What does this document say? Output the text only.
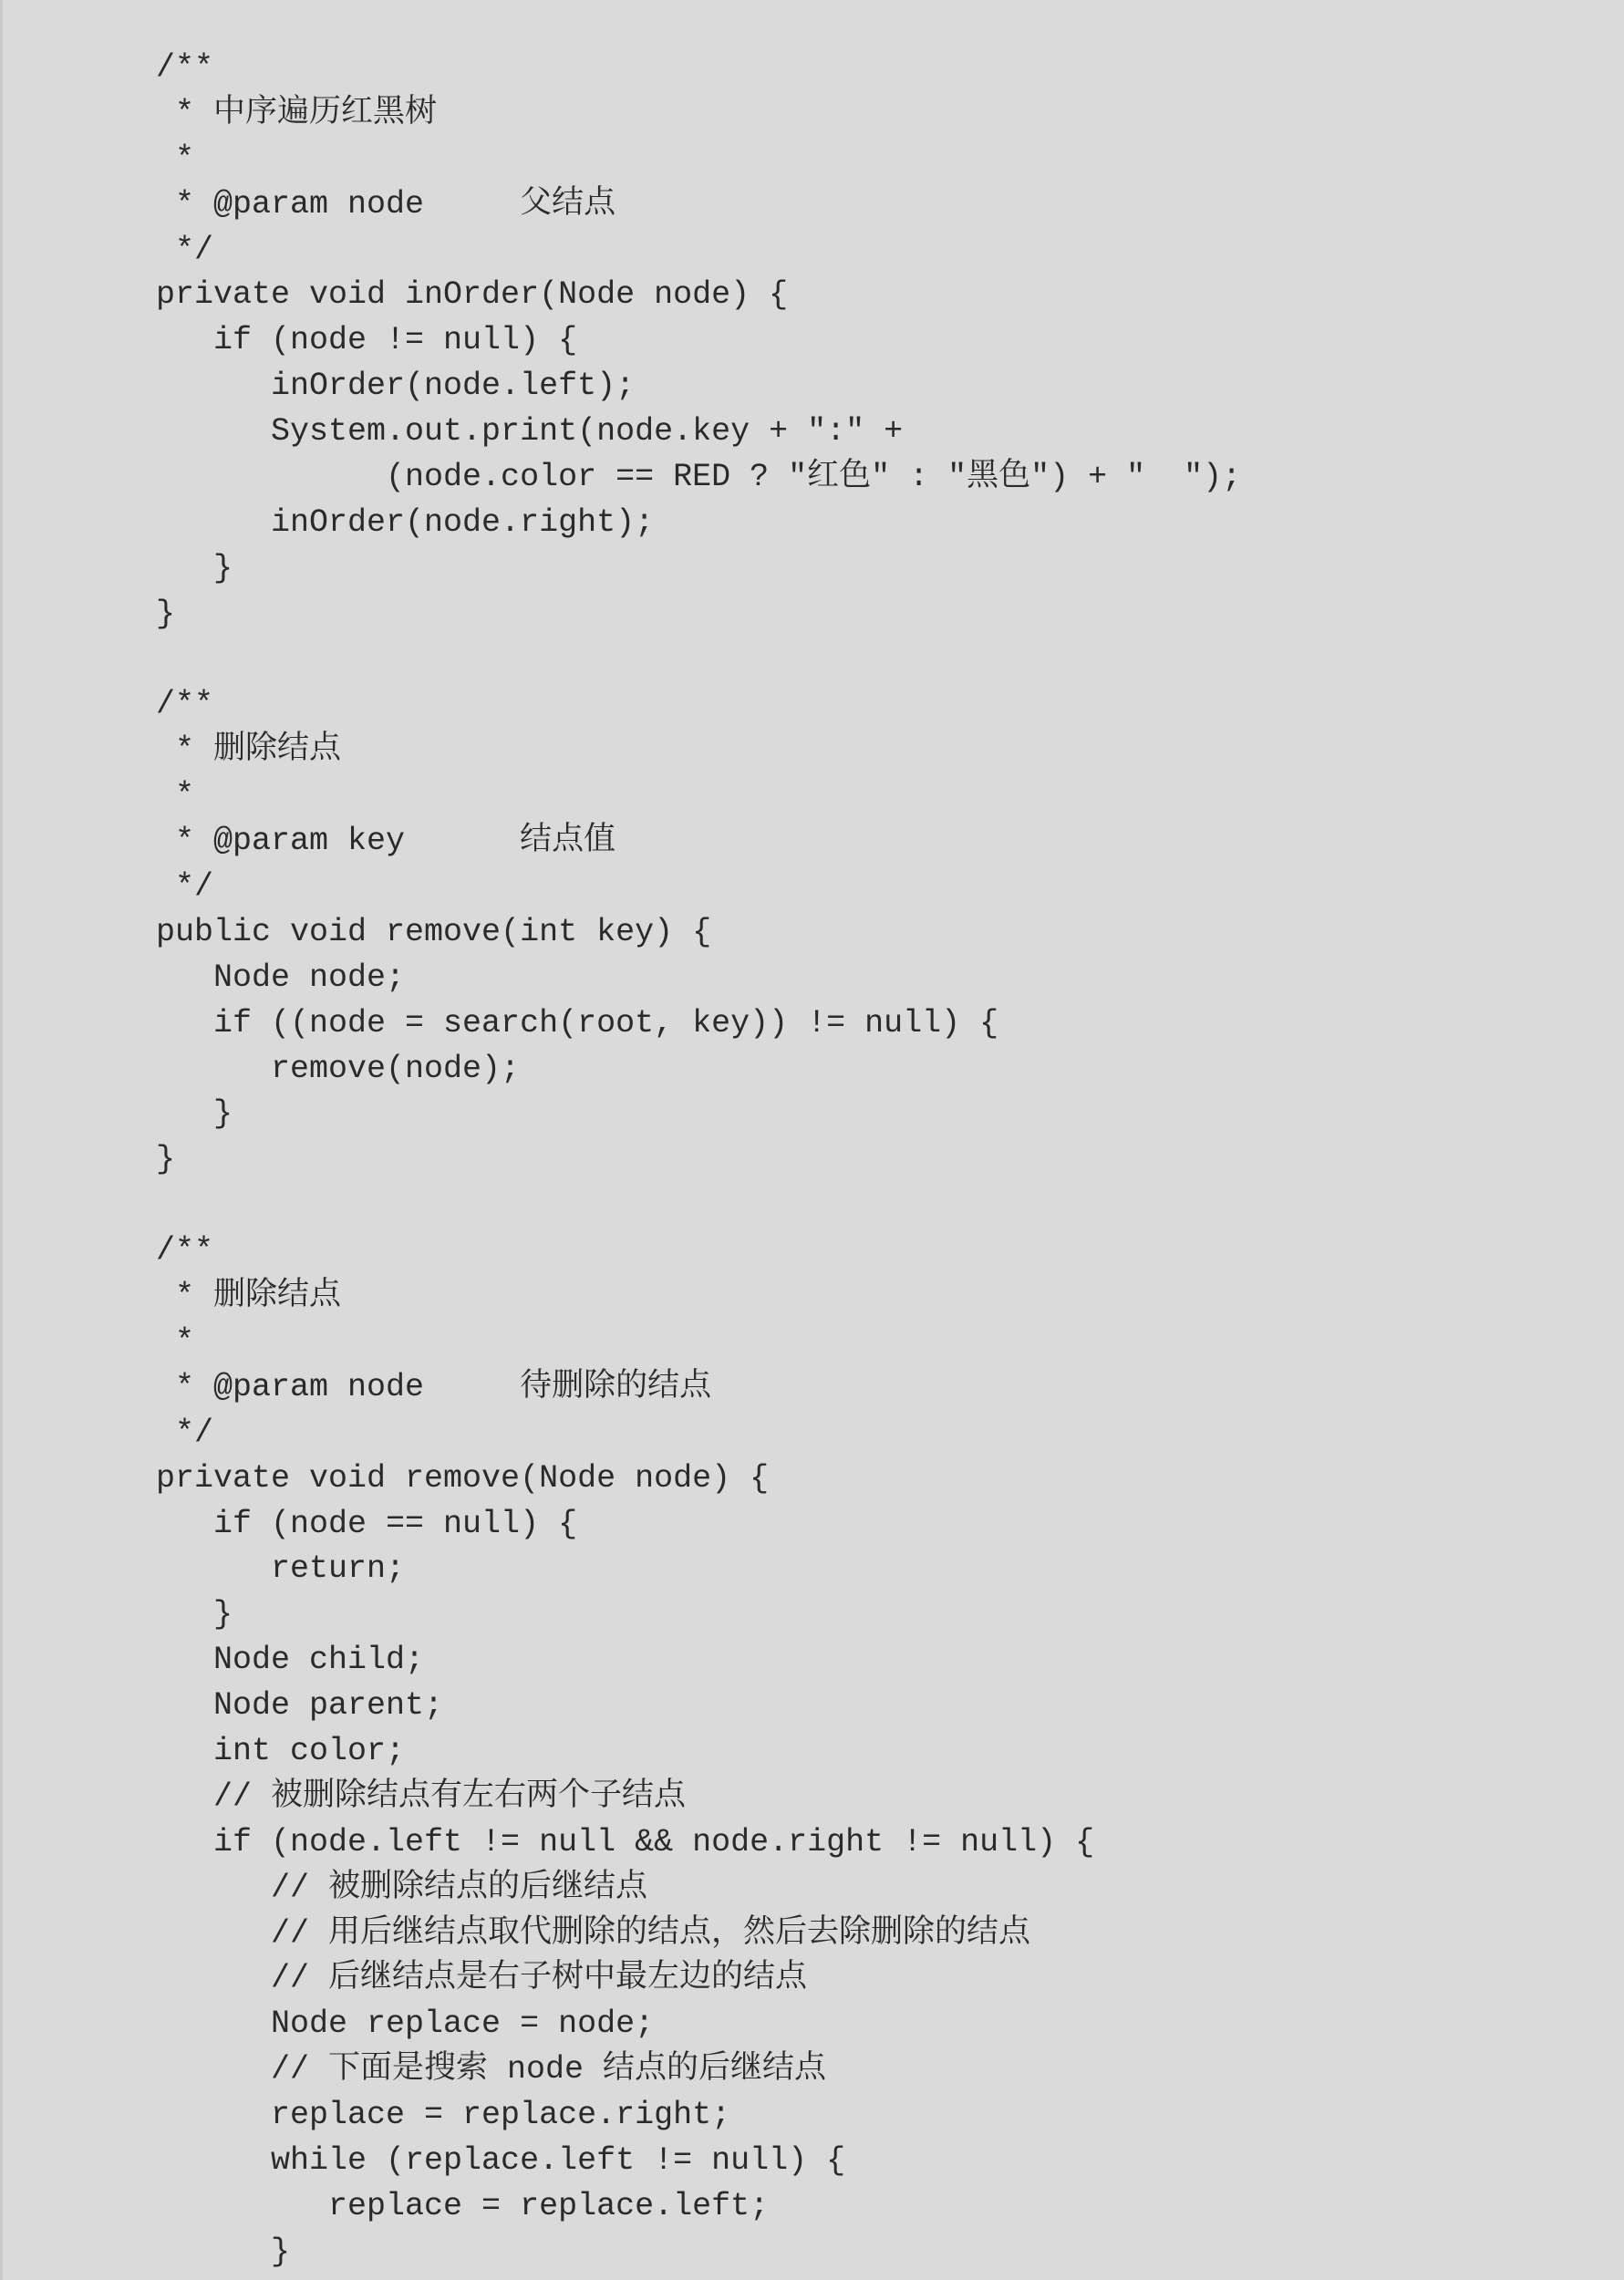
/**
* 中序遍历红黑树
*
* @param node     父结点
*/
private void inOrder(Node node) {
if (node != null) {
inOrder(node.left);
System.out.print(node.key + ":" +
(node.color == RED ? "红色" : "黑色") + "  ");
inOrder(node.right);
}
}
/**
* 删除结点
*
* @param key      结点值
*/
public void remove(int key) {
Node node;
if ((node = search(root, key)) != null) {
remove(node);
}
}
/**
* 删除结点
*
* @param node     待删除的结点
*/
private void remove(Node node) {
if (node == null) {
return;
}
Node child;
Node parent;
int color;
// 被删除结点有左右两个子结点
if (node.left != null && node.right != null) {
// 被删除结点的后继结点
// 用后继结点取代删除的结点，然后去除删除的结点
// 后继结点是右子树中最左边的结点
Node replace = node;
// 下面是搜索 node 结点的后继结点
replace = replace.right;
while (replace.left != null) {
replace = replace.left;
}
